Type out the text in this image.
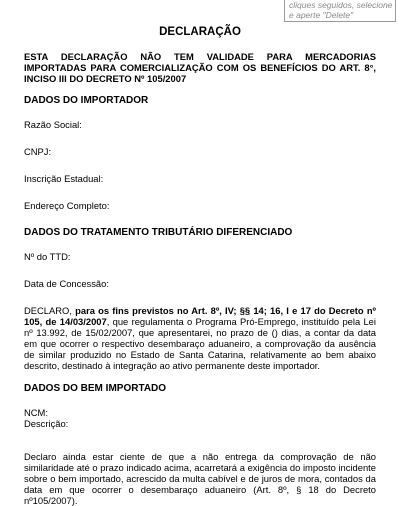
cliques seguidos, selecione e aperte "Delete"
DECLARAÇÃO
ESTA DECLARAÇÃO NÃO TEM VALIDADE PARA MERCADORIAS IMPORTADAS PARA COMERCIALIZAÇÃO COM OS BENEFÍCIOS DO ART. 8°, INCISO III DO DECRETO Nº 105/2007
DADOS DO IMPORTADOR
Razão Social:
CNPJ:
Inscrição Estadual:
Endereço Completo:
DADOS DO TRATAMENTO TRIBUTÁRIO DIFERENCIADO
Nº do TTD:
Data de Concessão:
DECLARO, para os fins previstos no Art. 8º, IV; §§ 14; 16, I e 17 do Decreto nº 105, de 14/03/2007, que regulamenta o Programa Pró-Emprego, instituído pela Lei nº 13.992, de 15/02/2007, que apresentarei, no prazo de () dias, a contar da data em que ocorrer o respectivo desembaraço aduaneiro, a comprovação da ausência de similar produzido no Estado de Santa Catarina, relativamente ao bem abaixo descrito, destinado à integração ao ativo permanente deste importador.
DADOS DO BEM IMPORTADO
NCM:
Descrição:
Declaro ainda estar ciente de que a não entrega da comprovação de não similaridade até o prazo indicado acima, acarretará a exigência do imposto incidente sobre o bem importado, acrescido da multa cabível e de juros de mora, contados da data em que ocorrer o desembaraço aduaneiro (Art. 8º, § 18 do Decreto nº105/2007).
